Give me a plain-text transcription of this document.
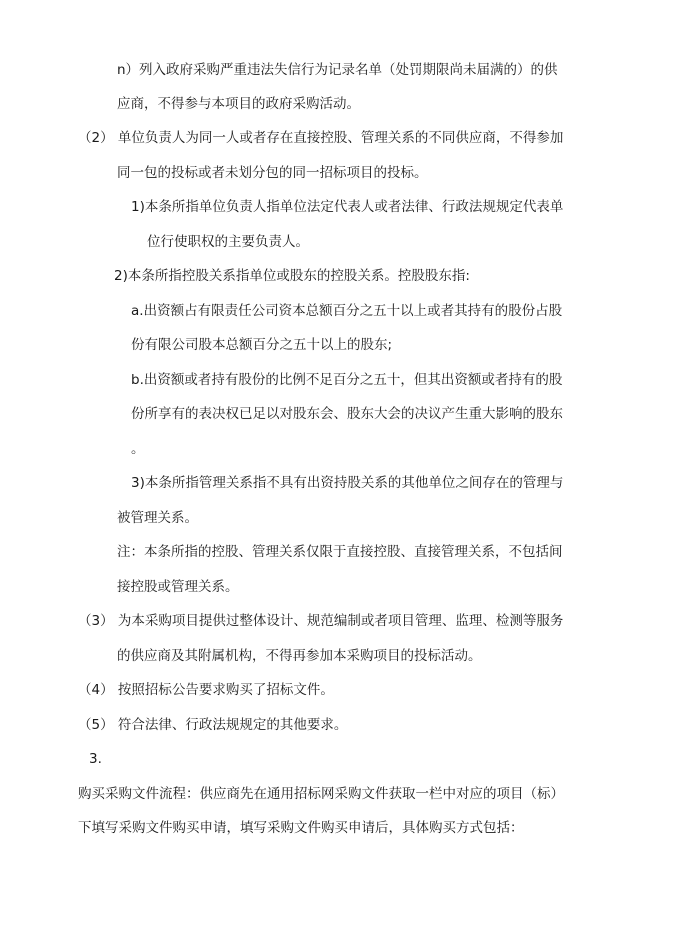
n）列入政府采购严重违法失信行为记录名单（处罚期限尚未届满的）的供
应商，不得参与本项目的政府采购活动。
（2） 单位负责人为同一人或者存在直接控股、管理关系的不同供应商，不得参加
同一包的投标或者未划分包的同一招标项目的投标。
1)本条所指单位负责人指单位法定代表人或者法律、行政法规规定代表单
位行使职权的主要负责人。
2)本条所指控股关系指单位或股东的控股关系。控股股东指:
a.出资额占有限责任公司资本总额百分之五十以上或者其持有的股份占股
份有限公司股本总额百分之五十以上的股东;
b.出资额或者持有股份的比例不足百分之五十，但其出资额或者持有的股
份所享有的表决权已足以对股东会、股东大会的决议产生重大影响的股东
。
3)本条所指管理关系指不具有出资持股关系的其他单位之间存在的管理与
被管理关系。
注：本条所指的控股、管理关系仅限于直接控股、直接管理关系，不包括间
接控股或管理关系。
（3） 为本采购项目提供过整体设计、规范编制或者项目管理、监理、检测等服务
的供应商及其附属机构，不得再参加本采购项目的投标活动。
（4） 按照招标公告要求购买了招标文件。
（5） 符合法律、行政法规规定的其他要求。
3.
购买采购文件流程：供应商先在通用招标网采购文件获取一栏中对应的项目（标）
下填写采购文件购买申请，填写采购文件购买申请后，具体购买方式包括：
